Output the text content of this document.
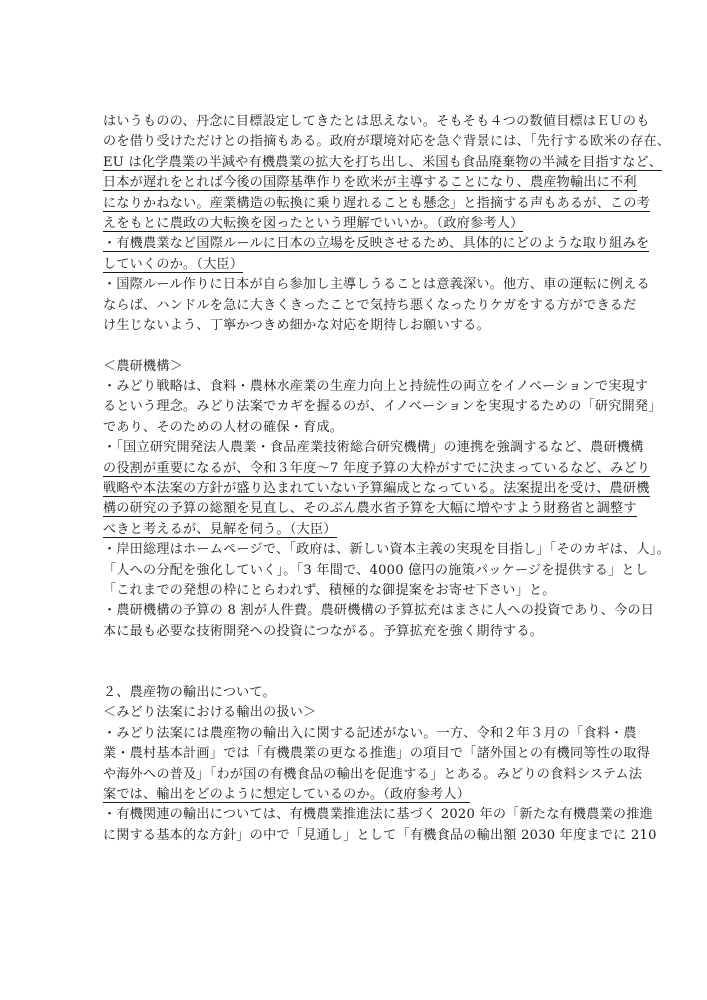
はいうものの、丹念に目標設定してきたとは思えない。そもそも４つの数値目標はＥＵのも
のを借り受けただけとの指摘もある。政府が環境対応を急ぐ背景には、「先行する欧米の存在、
EU は化学農業の半減や有機農業の拡大を打ち出し、米国も食品廃棄物の半減を目指すなど、
日本が遅れをとれば今後の国際基準作りを欧米が主導することになり、農産物輸出に不利
になりかねない。産業構造の転換に乗り遅れることも懸念」と指摘する声もあるが、この考
えをもとに農政の大転換を図ったという理解でいいか。（政府参考人）
・有機農業など国際ルールに日本の立場を反映させるため、具体的にどのような取り組みを
していくのか。（大臣）
・国際ルール作りに日本が自ら参加し主導しうることは意義深い。他方、車の運転に例える
ならば、ハンドルを急に大きくきったことで気持ち悪くなったりケガをする方ができるだ
け生じないよう、丁寧かつきめ細かな対応を期待しお願いする。
＜農研機構＞
・みどり戦略は、食料・農林水産業の生産力向上と持続性の両立をイノベーションで実現す
るという理念。みどり法案でカギを握るのが、イノベーションを実現するための「研究開発」
であり、そのための人材の確保・育成。
・「国立研究開発法人農業・食品産業技術総合研究機構」の連携を強調するなど、農研機構
の役割が重要になるが、令和３年度～7 年度予算の大枠がすでに決まっているなど、みどり
戦略や本法案の方針が盛り込まれていない予算編成となっている。法案提出を受け、農研機
構の研究の予算の総額を見直し、そのぶん農水省予算を大幅に増やすよう財務省と調整す
べきと考えるが、見解を伺う。（大臣）
・岸田総理はホームページで、「政府は、新しい資本主義の実現を目指し」「そのカギは、人」。
「人への分配を強化していく」。「3 年間で、4000 億円の施策パッケージを提供する」とし
「これまでの発想の枠にとらわれず、積極的な御提案をお寄せ下さい」と。
・農研機構の予算の 8 割が人件費。農研機構の予算拡充はまさに人への投資であり、今の日
本に最も必要な技術開発への投資につながる。予算拡充を強く期待する。
２、農産物の輸出について。
＜みどり法案における輸出の扱い＞
・みどり法案には農産物の輸出入に関する記述がない。一方、令和２年３月の「食料・農
業・農村基本計画」では「有機農業の更なる推進」の項目で「諸外国との有機同等性の取得
や海外への普及」「わが国の有機食品の輸出を促進する」とある。みどりの食料システム法
案では、輸出をどのように想定しているのか。（政府参考人）
・有機関連の輸出については、有機農業推進法に基づく 2020 年の「新たな有機農業の推進
に関する基本的な方針」の中で「見通し」として「有機食品の輸出額 2030 年度までに 210
